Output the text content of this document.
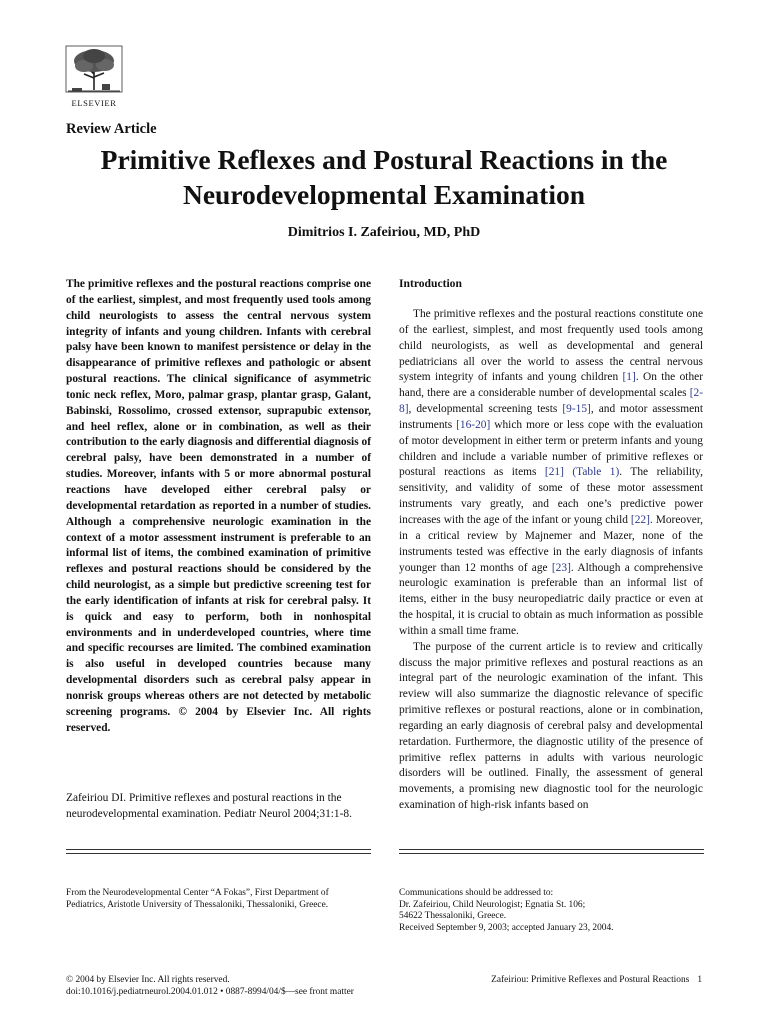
ELSEVIER
Review Article
Primitive Reflexes and Postural Reactions in the Neurodevelopmental Examination
Dimitrios I. Zafeiriou, MD, PhD

The primitive reflexes and the postural reactions comprise one of the earliest, simplest, and most frequently used tools among child neurologists to assess the central nervous system integrity of infants and young children. Infants with cerebral palsy have been known to manifest persistence or delay in the disappearance of primitive reflexes and pathologic or absent postural reactions. The clinical significance of asymmetric tonic neck reflex, Moro, palmar grasp, plantar grasp, Galant, Babinski, Rossolimo, crossed extensor, suprapubic extensor, and heel reflex, alone or in combination, as well as their contribution to the early diagnosis and differential diagnosis of cerebral palsy, have been demonstrated in a number of studies. Moreover, infants with 5 or more abnormal postural reactions have developed either cerebral palsy or developmental retardation as reported in a number of studies. Although a comprehensive neurologic examination in the context of a motor assessment instrument is preferable to an informal list of items, the combined examination of primitive reflexes and postural reactions should be considered by the child neurologist, as a simple but predictive screening test for the early identification of infants at risk for cerebral palsy. It is quick and easy to perform, both in nonhospital environments and in underdeveloped countries, where time and specific recourses are limited. The combined examination is also useful in developed countries because many developmental disorders such as cerebral palsy appear in nonrisk groups whereas others are not detected by metabolic screening programs. © 2004 by Elsevier Inc. All rights reserved.

Zafeiriou DI. Primitive reflexes and postural reactions in the neurodevelopmental examination. Pediatr Neurol 2004;31:1-8.

Introduction

The primitive reflexes and the postural reactions constitute one of the earliest, simplest, and most frequently used tools among child neurologists, as well as developmental and general pediatricians all over the world to assess the central nervous system integrity of infants and young children [1]. On the other hand, there are a considerable number of developmental scales [2-8], developmental screening tests [9-15], and motor assessment instruments [16-20] which more or less cope with the evaluation of motor development in either term or preterm infants and young children and include a variable number of primitive reflexes or postural reactions as items [21] (Table 1). The reliability, sensitivity, and validity of some of these motor assessment instruments vary greatly, and each one’s predictive power increases with the age of the infant or young child [22]. Moreover, in a critical review by Majnemer and Mazer, none of the instruments tested was effective in the early diagnosis of infants younger than 12 months of age [23]. Although a comprehensive neurologic examination is preferable than an informal list of items, either in the busy neuropediatric daily practice or even at the hospital, it is crucial to obtain as much information as possible within a small time frame.

The purpose of the current article is to review and critically discuss the major primitive reflexes and postural reactions as an integral part of the neurologic examination of the infant. This review will also summarize the diagnostic relevance of specific primitive reflexes or postural reactions, alone or in combination, regarding an early diagnosis of cerebral palsy and developmental retardation. Furthermore, the diagnostic utility of the presence of primitive reflex patterns in adults with various neurologic disorders will be outlined. Finally, the assessment of general movements, a promising new diagnostic tool for the neurologic examination of high-risk infants based on

From the Neurodevelopmental Center “A Fokas”, First Department of
Pediatrics, Aristotle University of Thessaloniki, Thessaloniki, Greece.
Communications should be addressed to:
Dr. Zafeiriou, Child Neurologist; Egnatia St. 106;
54622 Thessaloniki, Greece.
Received September 9, 2003; accepted January 23, 2004.
© 2004 by Elsevier Inc. All rights reserved.
doi:10.1016/j.pediatrneurol.2004.01.012 • 0887-8994/04/$—see front matter
Zafeiriou: Primitive Reflexes and Postural Reactions 1
